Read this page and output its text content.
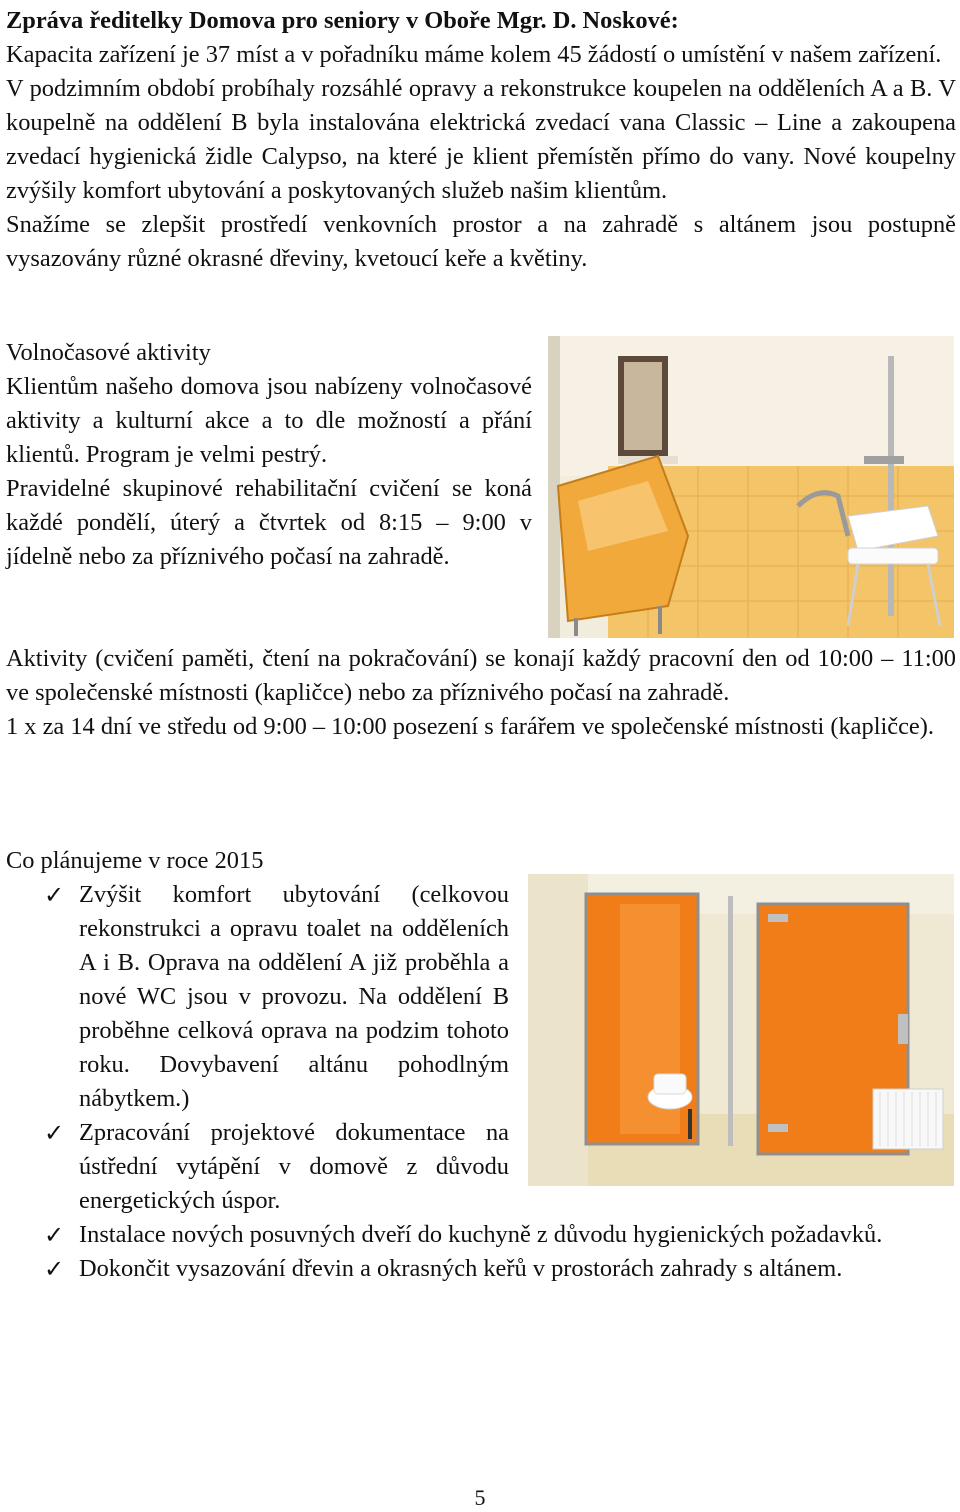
Zpráva ředitelky Domova pro seniory v Oboře Mgr. D. Noskové:

Kapacita zařízení je 37 míst a v pořadníku máme kolem 45 žádostí o umístění v našem zařízení.

V podzimním období probíhaly rozsáhlé opravy a rekonstrukce koupelen na odděleních A a B. V koupelně na oddělení B byla instalována elektrická zvedací vana Classic – Line a zakoupena zvedací hygienická židle Calypso, na které je klient přemístěn přímo do vany. Nové koupelny zvýšily komfort ubytování a poskytovaných služeb našim klientům.

Snažíme se zlepšit prostředí venkovních prostor a na zahradě s altánem jsou postupně vysazovány různé okrasné dřeviny, kvetoucí keře a květiny.

Volnočasové aktivity

Klientům našeho domova jsou nabízeny volnočasové aktivity a kulturní akce a to dle možností a přání klientů. Program je velmi pestrý.

Pravidelné skupinové rehabilitační cvičení se koná každé pondělí, úterý a čtvrtek od 8:15 – 9:00 v jídelně nebo za příznivého počasí na zahradě.

Aktivity (cvičení paměti, čtení na pokračování) se konají každý pracovní den od 10:00 – 11:00 ve společenské místnosti (kapličce) nebo za příznivého počasí na zahradě.

1 x za 14 dní ve středu od 9:00 – 10:00 posezení s farářem ve společenské místnosti (kapličce).

Co plánujeme v roce 2015

✓ Zvýšit komfort ubytování (celkovou rekonstrukci a opravu toalet na odděleních A i B. Oprava na oddělení A již proběhla a nové WC jsou v provozu. Na oddělení B proběhne celková oprava na podzim tohoto roku. Dovybavení altánu pohodlným nábytkem.)
✓ Zpracování projektové dokumentace na ústřední vytápění v domově z důvodu energetických úspor.
✓ Instalace nových posuvných dveří do kuchyně z důvodu hygienických požadavků.
✓ Dokončit vysazování dřevin a okrasných keřů v prostorách zahrady s altánem.
5
